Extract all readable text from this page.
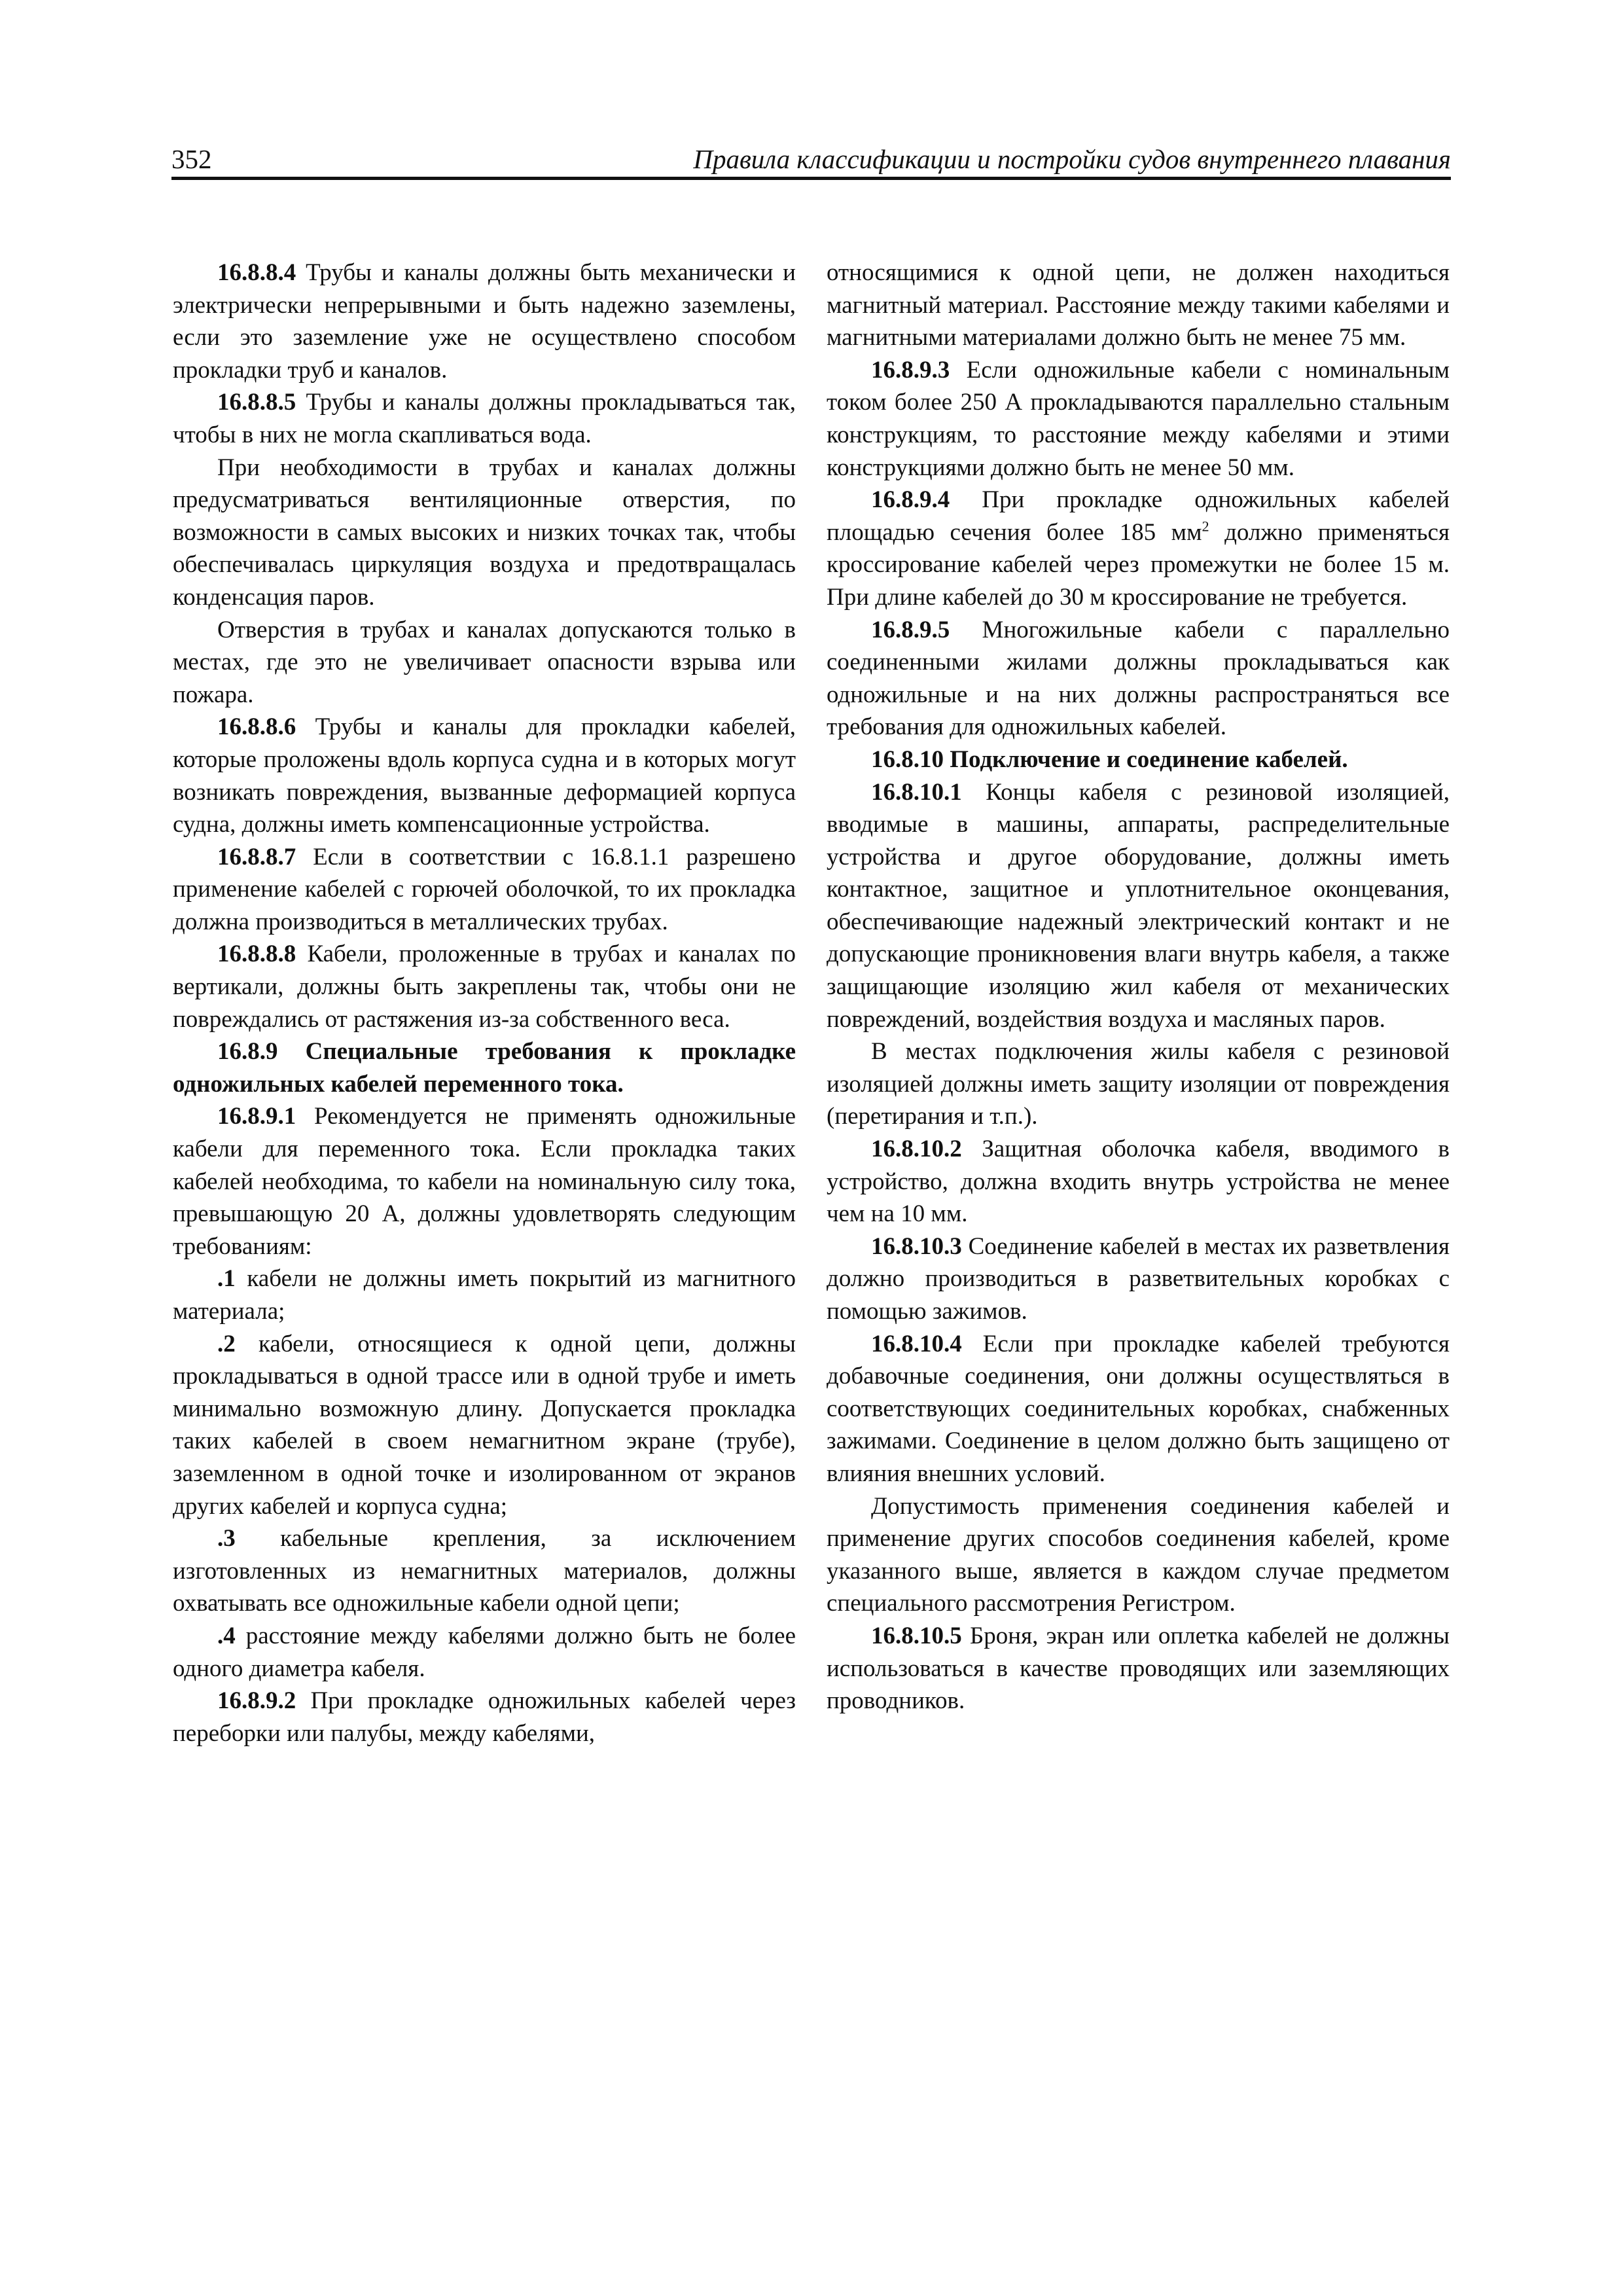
352	Правила классификации и постройки судов внутреннего плавания

16.8.8.4 Трубы и каналы должны быть механически и электрически непрерывными и быть надежно заземлены, если это заземление уже не осуществлено способом прокладки труб и каналов.

16.8.8.5 Трубы и каналы должны прокладываться так, чтобы в них не могла скапливаться вода.

При необходимости в трубах и каналах должны предусматриваться вентиляционные отверстия, по возможности в самых высоких и низких точках так, чтобы обеспечивалась циркуляция воздуха и предотвращалась конденсация паров.

Отверстия в трубах и каналах допускаются только в местах, где это не увеличивает опасности взрыва или пожара.

16.8.8.6 Трубы и каналы для прокладки кабелей, которые проложены вдоль корпуса судна и в которых могут возникать повреждения, вызванные деформацией корпуса судна, должны иметь компенсационные устройства.

16.8.8.7 Если в соответствии с 16.8.1.1 разрешено применение кабелей с горючей оболочкой, то их прокладка должна производиться в металлических трубах.

16.8.8.8 Кабели, проложенные в трубах и каналах по вертикали, должны быть закреплены так, чтобы они не повреждались от растяжения из-за собственного веса.

16.8.9 Специальные требования к прокладке одножильных кабелей переменного тока.

16.8.9.1 Рекомендуется не применять одножильные кабели для переменного тока. Если прокладка таких кабелей необходима, то кабели на номинальную силу тока, превышающую 20 А, должны удовлетворять следующим требованиям:

.1 кабели не должны иметь покрытий из магнитного материала;

.2 кабели, относящиеся к одной цепи, должны прокладываться в одной трассе или в одной трубе и иметь минимально возможную длину. Допускается прокладка таких кабелей в своем немагнитном экране (трубе), заземленном в одной точке и изолированном от экранов других кабелей и корпуса судна;

.3 кабельные крепления, за исключением изготовленных из немагнитных материалов, должны охватывать все одножильные кабели одной цепи;

.4 расстояние между кабелями должно быть не более одного диаметра кабеля.

16.8.9.2 При прокладке одножильных кабелей через переборки или палубы, между кабелями,

относящимися к одной цепи, не должен находиться магнитный материал. Расстояние между такими кабелями и магнитными материалами должно быть не менее 75 мм.

16.8.9.3 Если одножильные кабели с номинальным током более 250 А прокладываются параллельно стальным конструкциям, то расстояние между кабелями и этими конструкциями должно быть не менее 50 мм.

16.8.9.4 При прокладке одножильных кабелей площадью сечения более 185 $мм^2$ должно применяться кроссирование кабелей через промежутки не более 15 м. При длине кабелей до 30 м кроссирование не требуется.

16.8.9.5 Многожильные кабели с параллельно соединенными жилами должны прокладываться как одножильные и на них должны распространяться все требования для одножильных кабелей.

16.8.10 Подключение и соединение кабелей.

16.8.10.1 Концы кабеля с резиновой изоляцией, вводимые в машины, аппараты, распределительные устройства и другое оборудование, должны иметь контактное, защитное и уплотнительное оконцевания, обеспечивающие надежный электрический контакт и не допускающие проникновения влаги внутрь кабеля, а также защищающие изоляцию жил кабеля от механических повреждений, воздействия воздуха и масляных паров.

В местах подключения жилы кабеля с резиновой изоляцией должны иметь защиту изоляции от повреждения (перетирания и т.п.).

16.8.10.2 Защитная оболочка кабеля, вводимого в устройство, должна входить внутрь устройства не менее чем на 10 мм.

16.8.10.3 Соединение кабелей в местах их разветвления должно производиться в разветвительных коробках с помощью зажимов.

16.8.10.4 Если при прокладке кабелей требуются добавочные соединения, они должны осуществляться в соответствующих соединительных коробках, снабженных зажимами. Соединение в целом должно быть защищено от влияния внешних условий.

Допустимость применения соединения кабелей и применение других способов соединения кабелей, кроме указанного выше, является в каждом случае предметом специального рассмотрения Регистром.

16.8.10.5 Броня, экран или оплетка кабелей не должны использоваться в качестве проводящих или заземляющих проводников.
